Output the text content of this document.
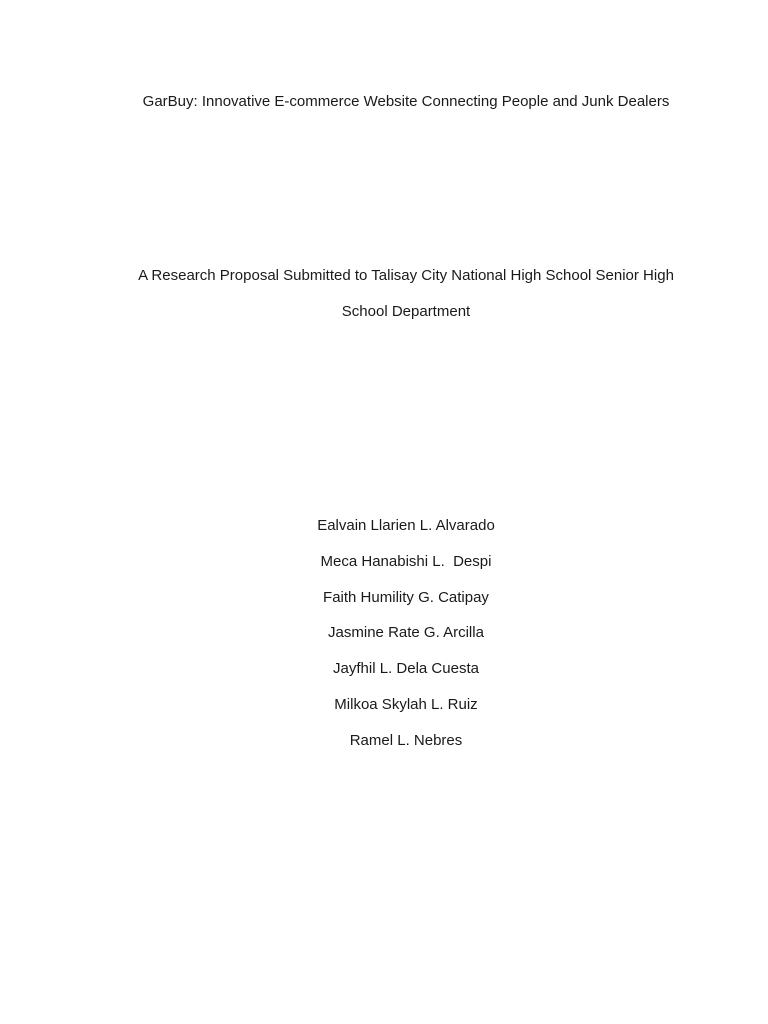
GarBuy: Innovative E-commerce Website Connecting People and Junk Dealers
A Research Proposal Submitted to Talisay City National High School Senior High
School Department
Ealvain Llarien L. Alvarado
Meca Hanabishi L.  Despi
Faith Humility G. Catipay
Jasmine Rate G. Arcilla
Jayfhil L. Dela Cuesta
Milkoa Skylah L. Ruiz
Ramel L. Nebres
